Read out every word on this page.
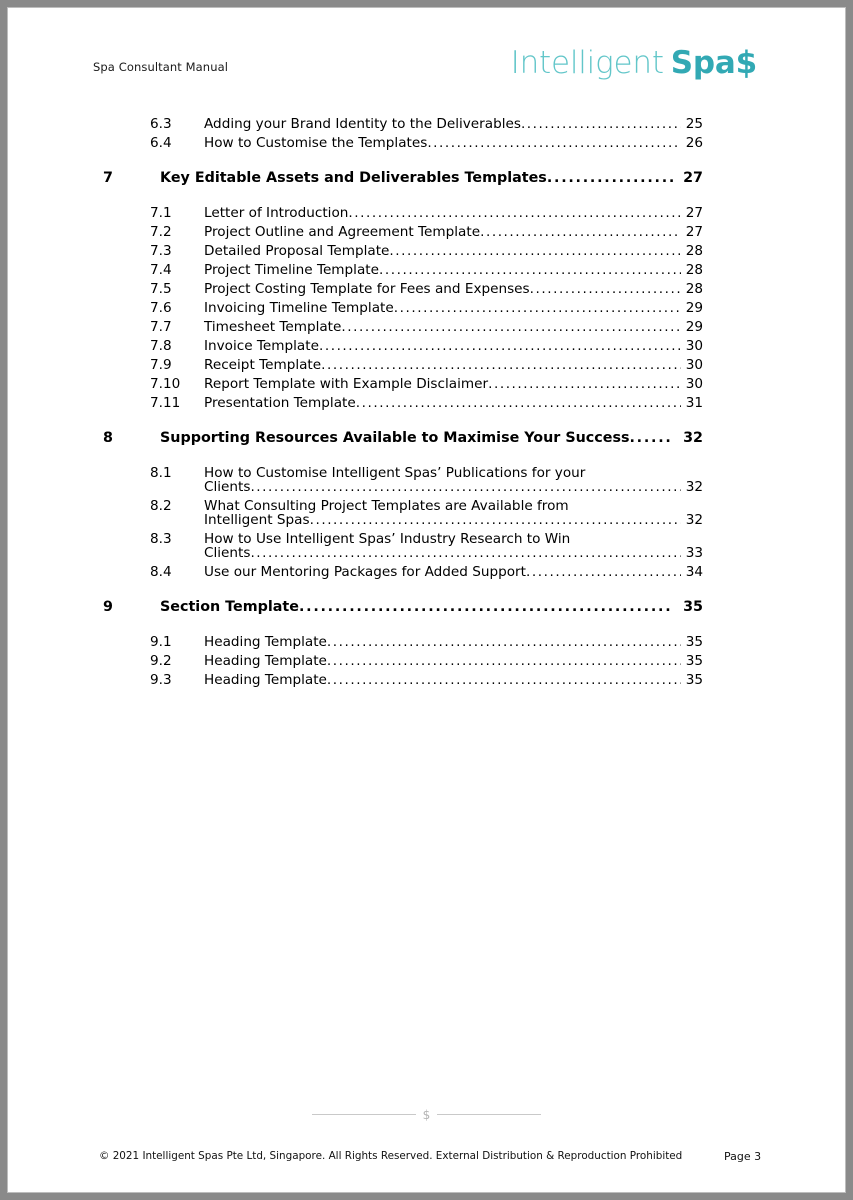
Spa Consultant Manual	Intelligent Spa$
6.3	Adding your Brand Identity to the Deliverables .....	25
6.4	How to Customise the Templates .....	26
7	Key Editable Assets and Deliverables Templates .....	27
7.1	Letter of Introduction .....	27
7.2	Project Outline and Agreement Template .....	27
7.3	Detailed Proposal Template .....	28
7.4	Project Timeline Template .....	28
7.5	Project Costing Template for Fees and Expenses .....	28
7.6	Invoicing Timeline Template .....	29
7.7	Timesheet Template .....	29
7.8	Invoice Template .....	30
7.9	Receipt Template .....	30
7.10	Report Template with Example Disclaimer .....	30
7.11	Presentation Template .....	31
8	Supporting Resources Available to Maximise Your Success .....	32
8.1	How to Customise Intelligent Spas’ Publications for your
Clients .....	32
8.2	What Consulting Project Templates are Available from
Intelligent Spas .....	32
8.3	How to Use Intelligent Spas’ Industry Research to Win
Clients .....	33
8.4	Use our Mentoring Packages for Added Support .....	34
9	Section Template .....	35
9.1	Heading Template .....	35
9.2	Heading Template .....	35
9.3	Heading Template .....	35
$
© 2021 Intelligent Spas Pte Ltd, Singapore. All Rights Reserved. External Distribution & Reproduction Prohibited	Page 3
